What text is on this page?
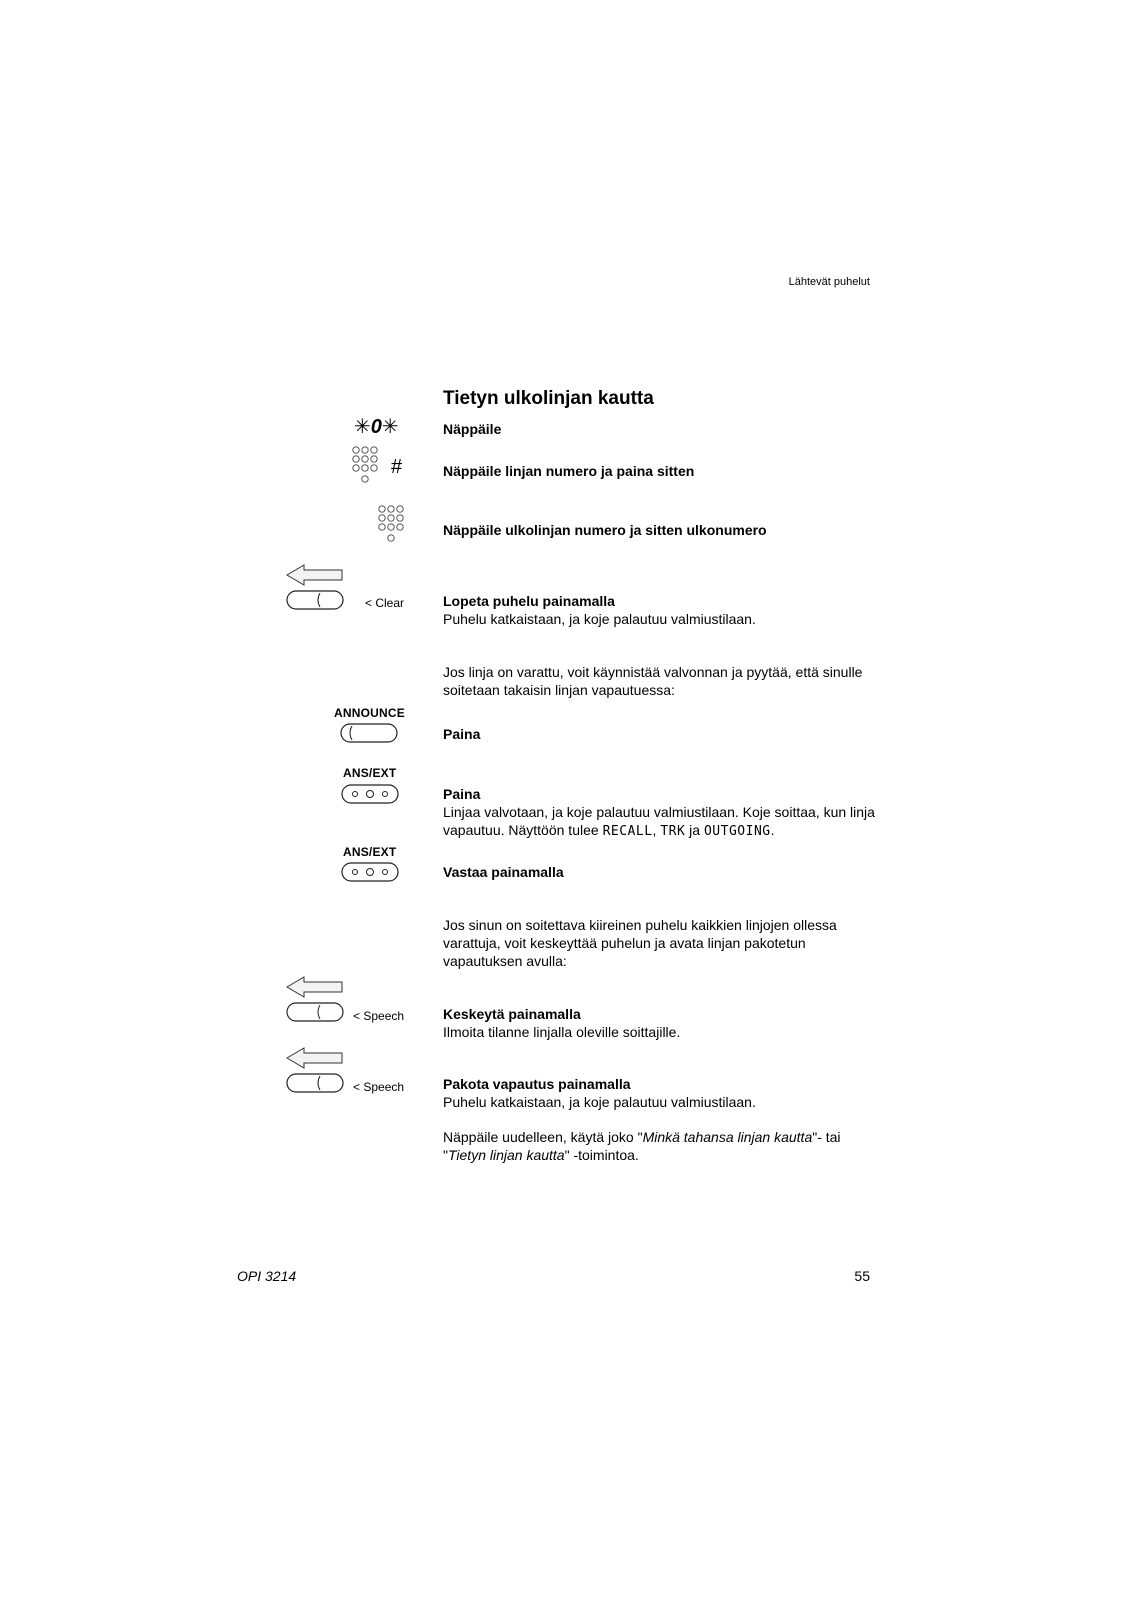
Lähtevät puhelut
Tietyn ulkolinjan kautta
✳0✳	Näppäile
#	Näppäile linjan numero ja paina sitten
Näppäile ulkolinjan numero ja sitten ulkonumero
< Clear	Lopeta puhelu painamalla
Puhelu katkaistaan, ja koje palautuu valmiustilaan.
Jos linja on varattu, voit käynnistää valvonnan ja pyytää, että sinulle
soitetaan takaisin linjan vapautuessa:
ANNOUNCE
Paina
ANS/EXT
Paina
Linjaa valvotaan, ja koje palautuu valmiustilaan. Koje soittaa, kun linja
vapautuu. Näyttöön tulee RECALL, TRK ja OUTGOING.
ANS/EXT
Vastaa painamalla
Jos sinun on soitettava kiireinen puhelu kaikkien linjojen ollessa
varattuja, voit keskeyttää puhelun ja avata linjan pakotetun
vapautuksen avulla:
< Speech	Keskeytä painamalla
Ilmoita tilanne linjalla oleville soittajille.
< Speech	Pakota vapautus painamalla
Puhelu katkaistaan, ja koje palautuu valmiustilaan.
Näppäile uudelleen, käytä joko "Minkä tahansa linjan kautta"- tai
"Tietyn linjan kautta" -toimintoa.
OPI 3214	55
